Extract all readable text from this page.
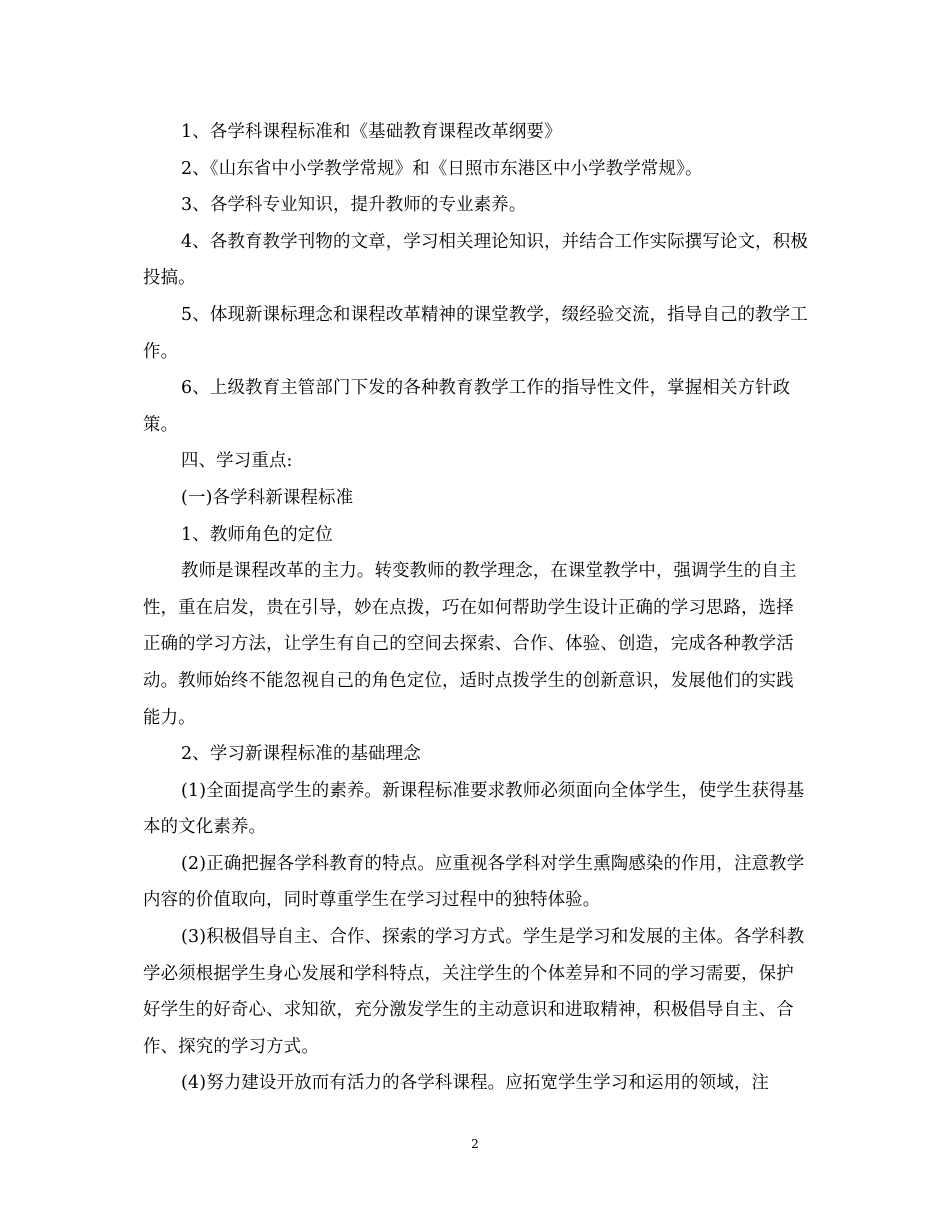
1、各学科课程标准和《基础教育课程改革纲要》

2、《山东省中小学教学常规》和《日照市东港区中小学教学常规》。

3、各学科专业知识，提升教师的专业素养。

4、各教育教学刊物的文章，学习相关理论知识，并结合工作实际撰写论文，积极投搞。

5、体现新课标理念和课程改革精神的课堂教学，缀经验交流，指导自己的教学工作。

6、上级教育主管部门下发的各种教育教学工作的指导性文件，掌握相关方针政策。

四、学习重点:

(一)各学科新课程标准

1、教师角色的定位

教师是课程改革的主力。转变教师的教学理念，在课堂教学中，强调学生的自主性，重在启发，贵在引导，妙在点拨，巧在如何帮助学生设计正确的学习思路，选择正确的学习方法，让学生有自己的空间去探索、合作、体验、创造，完成各种教学活动。教师始终不能忽视自己的角色定位，适时点拨学生的创新意识，发展他们的实践能力。

2、学习新课程标准的基础理念

(1)全面提高学生的素养。新课程标准要求教师必须面向全体学生，使学生获得基本的文化素养。

(2)正确把握各学科教育的特点。应重视各学科对学生熏陶感染的作用，注意教学内容的价值取向，同时尊重学生在学习过程中的独特体验。

(3)积极倡导自主、合作、探索的学习方式。学生是学习和发展的主体。各学科教学必须根据学生身心发展和学科特点，关注学生的个体差异和不同的学习需要，保护好学生的好奇心、求知欲，充分激发学生的主动意识和进取精神，积极倡导自主、合作、探究的学习方式。

(4)努力建设开放而有活力的各学科课程。应拓宽学生学习和运用的领域，注

2
